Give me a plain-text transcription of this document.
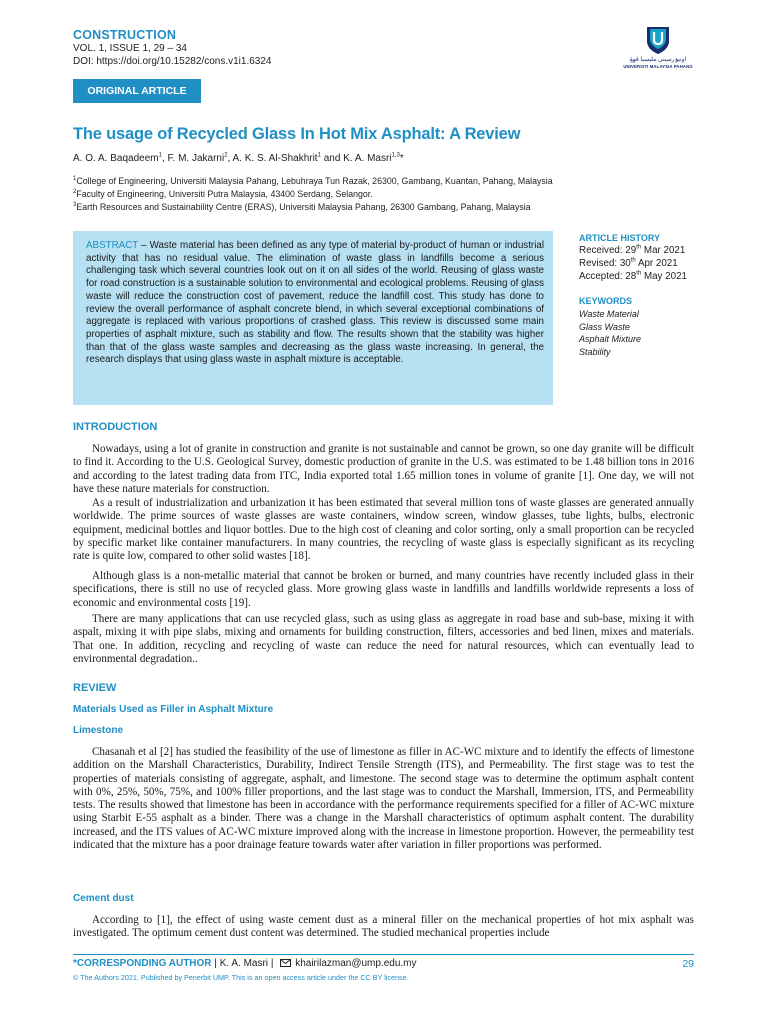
CONSTRUCTION
VOL. 1, ISSUE 1, 29 – 34
DOI: https://doi.org/10.15282/cons.v1i1.6324	اونيۏرسيتي مليسيا ڤهڠ
UNIVERSITI MALAYSIA PAHANG
ORIGINAL ARTICLE
The usage of Recycled Glass In Hot Mix Asphalt: A Review
A. O. A. Baqadeem$^1$, F. M. Jakarni$^2$, A. K. S. Al-Shakhrit$^1$ and K. A. Masri$^{1,3}$*
$^1$College of Engineering, Universiti Malaysia Pahang, Lebuhraya Tun Razak, 26300, Gambang, Kuantan, Pahang, Malaysia
$^2$Faculty of Engineering, Universiti Putra Malaysia, 43400 Serdang, Selangor.
$^3$Earth Resources and Sustainability Centre (ERAS), Universiti Malaysia Pahang, 26300 Gambang, Pahang, Malaysia
ABSTRACT – Waste material has been defined as any type of material by-product of human or industrial activity that has no residual value. The elimination of waste glass in landfills become a serious challenging task which several countries look out on it on all sides of the world. Reusing of glass waste for road construction is a sustainable solution to environmental and ecological problems. Reusing of glass waste will reduce the construction cost of pavement, reduce the landfill cost. This study has done to review the overall performance of asphalt concrete blend, in which several exceptional combinations of aggregate is replaced with various proportions of crashed glass. This review is discussed some main properties of asphalt mixture, such as stability and flow. The results shown that the stability was higher than that of the glass waste samples and decreasing as the glass waste increasing. In general, the research displays that using glass waste in asphalt mixture is acceptable.
ARTICLE HISTORY
Received: 29th Mar 2021
Revised: 30th Apr 2021
Accepted: 28th May 2021
KEYWORDS
Waste Material
Glass Waste
Asphalt Mixture
Stability
INTRODUCTION

Nowadays, using a lot of granite in construction and granite is not sustainable and cannot be grown, so one day granite will be difficult to find it. According to the U.S. Geological Survey, domestic production of granite in the U.S. was estimated to be 1.48 billion tons in 2016 and according to the latest trading data from ITC, India exported total 1.65 million tones in volume of granite [1]. One day, we will not have these nature materials for construction.

As a result of industrialization and urbanization it has been estimated that several million tons of waste glasses are generated annually worldwide. The prime sources of waste glasses are waste containers, window screen, window glasses, tube lights, bulbs, electronic equipment, medicinal bottles and liquor bottles. Due to the high cost of cleaning and color sorting, only a small proportion can be recycled by specific market like container manufacturers. In many countries, the recycling of waste glass is especially significant as its recycling rate is quite low, compared to other solid wastes [18].

Although glass is a non-metallic material that cannot be broken or burned, and many countries have recently included glass in their specifications, there is still no use of recycled glass. More growing glass waste in landfills and landfills worldwide represents a loss of economic and environmental costs [19].

There are many applications that can use recycled glass, such as using glass as aggregate in road base and sub-base, mixing it with aspalt, mixing it with pipe slabs, mixing and ornaments for building construction, filters, accessories and bed linen, mixes and materials. That one. In addition, recycling and recycling of waste can reduce the need for natural resources, which can eventually lead to environmental degradation..

REVIEW
Materials Used as Filler in Asphalt Mixture
Limestone

Chasanah et al [2] has studied the feasibility of the use of limestone as filler in AC-WC mixture and to identify the effects of limestone addition on the Marshall Characteristics, Durability, Indirect Tensile Strength (ITS), and Permeability. The first stage was to test the properties of materials consisting of aggregate, asphalt, and limestone. The second stage was to determine the optimum asphalt content with 0%, 25%, 50%, 75%, and 100% filler proportions, and the last stage was to conduct the Marshall, Immersion, ITS, and Permeability tests. The results showed that limestone has been in accordance with the performance requirements specified for a filler of AC-WC mixture using Starbit E-55 asphalt as a binder. There was a change in the Marshall characteristics of optimum asphalt content. The durability increased, and the ITS values of AC-WC mixture improved along with the increase in limestone proportion. However, the permeability test indicated that the mixture has a poor drainage feature towards water after variation in filler proportions was performed.

Cement dust

According to [1], the effect of using waste cement dust as a mineral filler on the mechanical properties of hot mix asphalt was investigated. The optimum cement dust content was determined. The studied mechanical properties include

*CORRESPONDING AUTHOR | K. A. Masri | khairilazman@ump.edu.my	29
© The Authors 2021. Published by Penerbit UMP. This is an open access article under the CC BY license.
